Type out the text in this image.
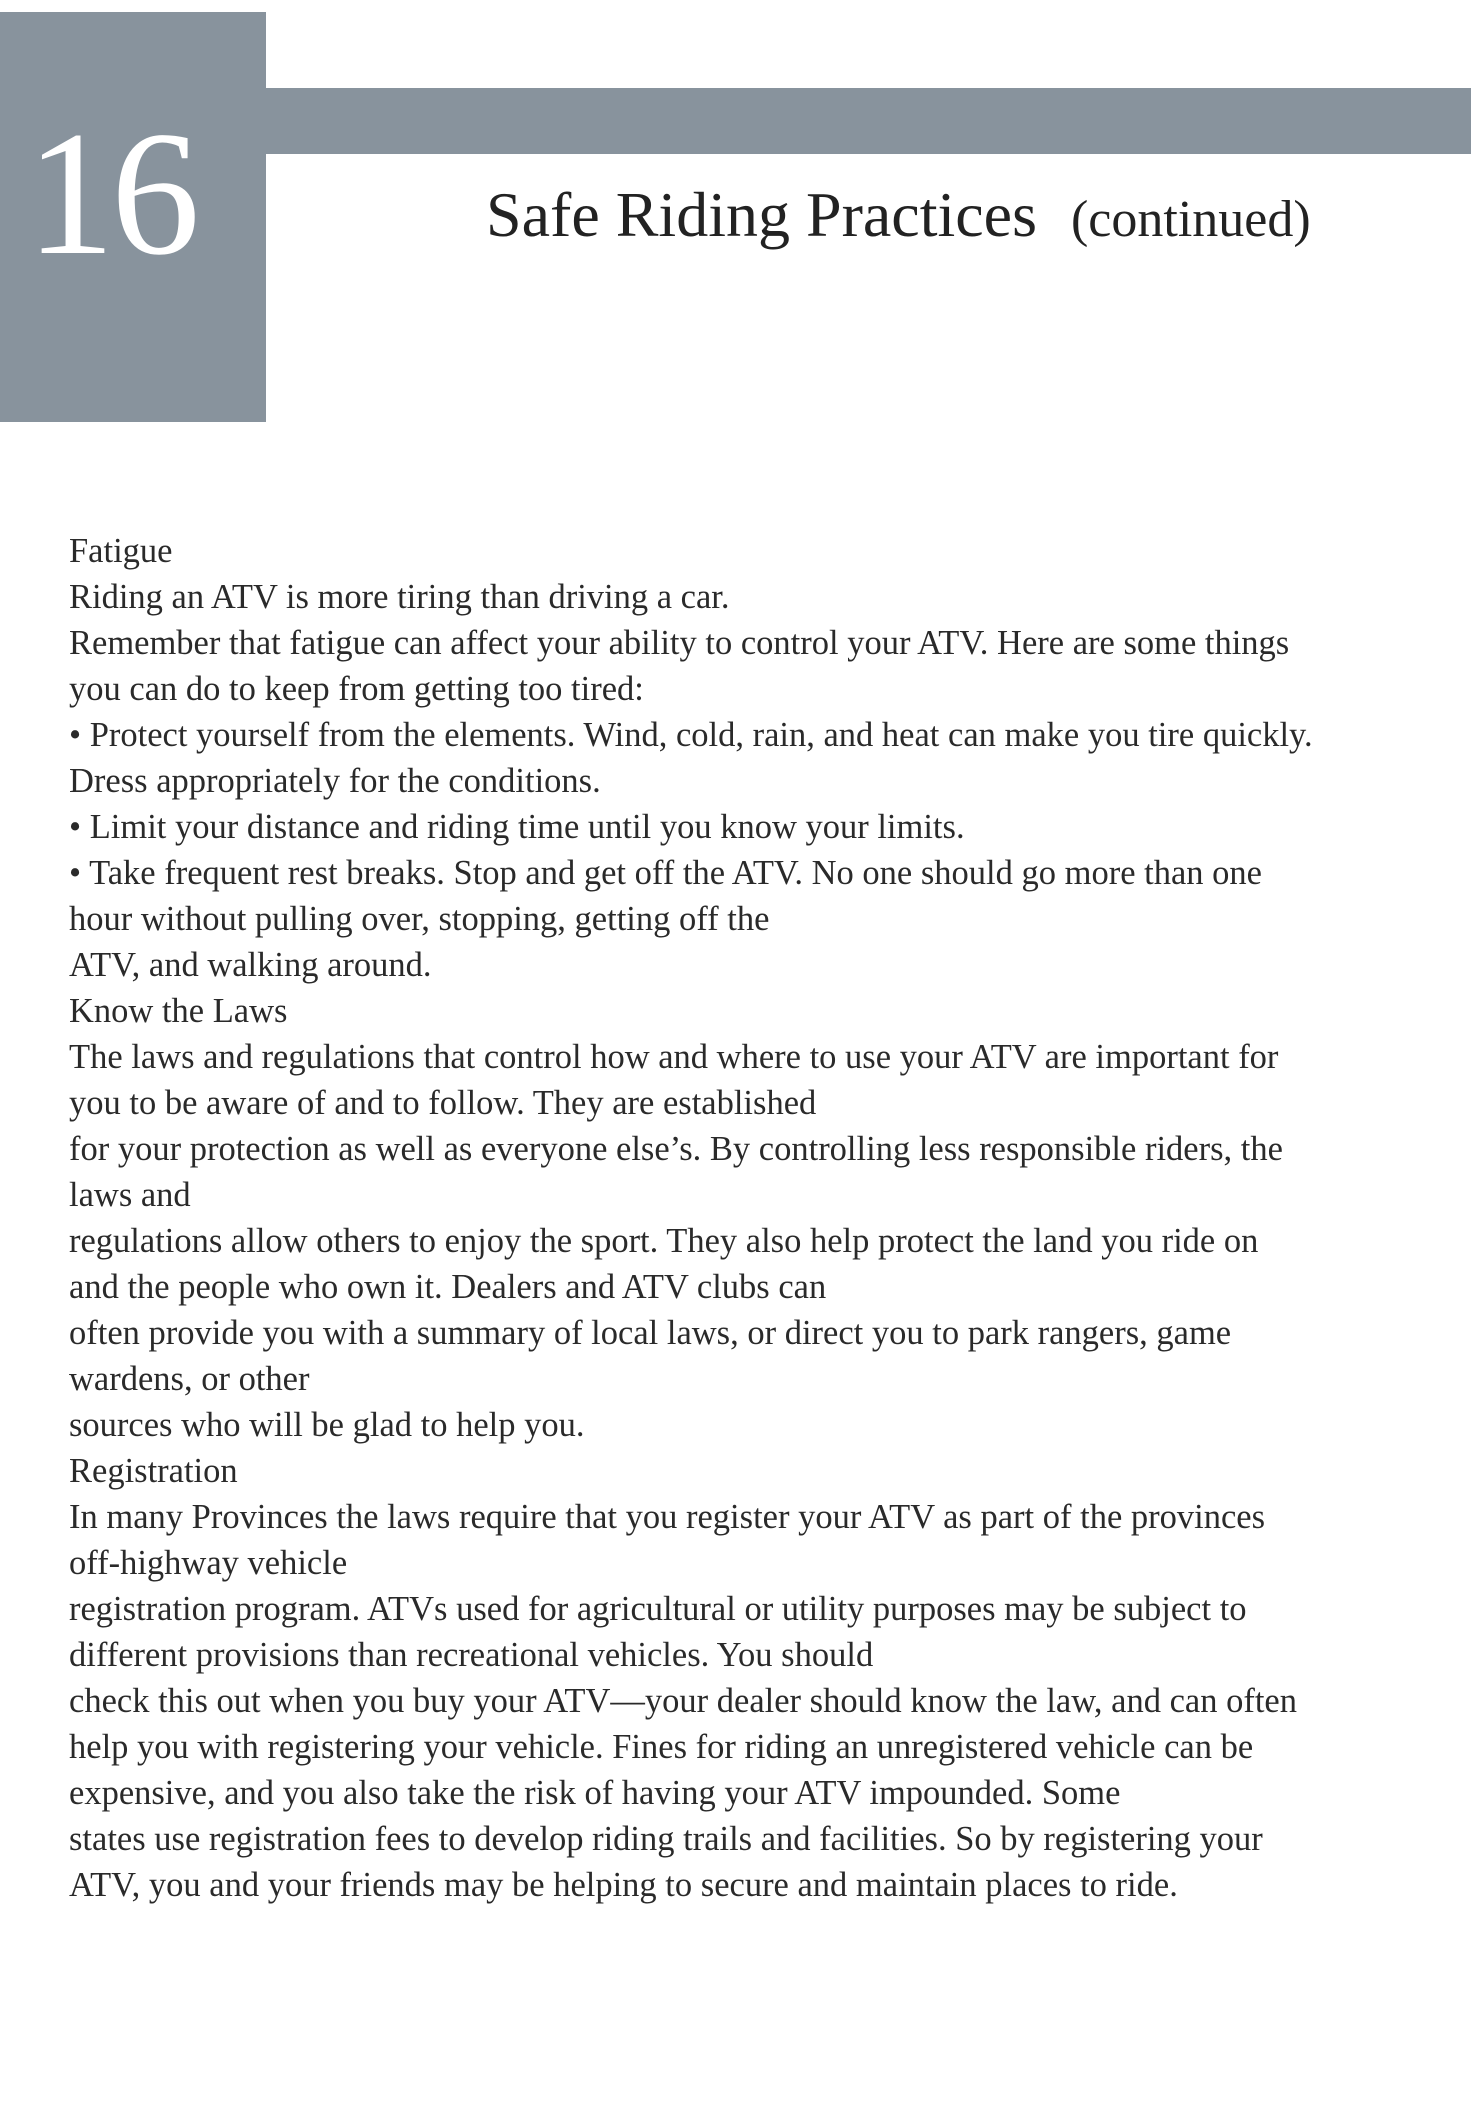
16	Safe Riding Practices (continued)
Fatigue
Riding an ATV is more tiring than driving a car.
Remember that fatigue can affect your ability to control your ATV. Here are some things
you can do to keep from getting too tired:
• Protect yourself from the elements. Wind, cold, rain, and heat can make you tire quickly.
Dress appropriately for the conditions.
• Limit your distance and riding time until you know your limits.
• Take frequent rest breaks. Stop and get off the ATV. No one should go more than one
hour without pulling over, stopping, getting off the
ATV, and walking around.
Know the Laws
The laws and regulations that control how and where to use your ATV are important for
you to be aware of and to follow. They are established
for your protection as well as everyone else’s. By controlling less responsible riders, the
laws and
regulations allow others to enjoy the sport. They also help protect the land you ride on
and the people who own it. Dealers and ATV clubs can
often provide you with a summary of local laws, or direct you to park rangers, game
wardens, or other
sources who will be glad to help you.
Registration
In many Provinces the laws require that you register your ATV as part of the provinces
off-highway vehicle
registration program. ATVs used for agricultural or utility purposes may be subject to
different provisions than recreational vehicles. You should
check this out when you buy your ATV—your dealer should know the law, and can often
help you with registering your vehicle. Fines for riding an unregistered vehicle can be
expensive, and you also take the risk of having your ATV impounded. Some
states use registration fees to develop riding trails and facilities. So by registering your
ATV, you and your friends may be helping to secure and maintain places to ride.
